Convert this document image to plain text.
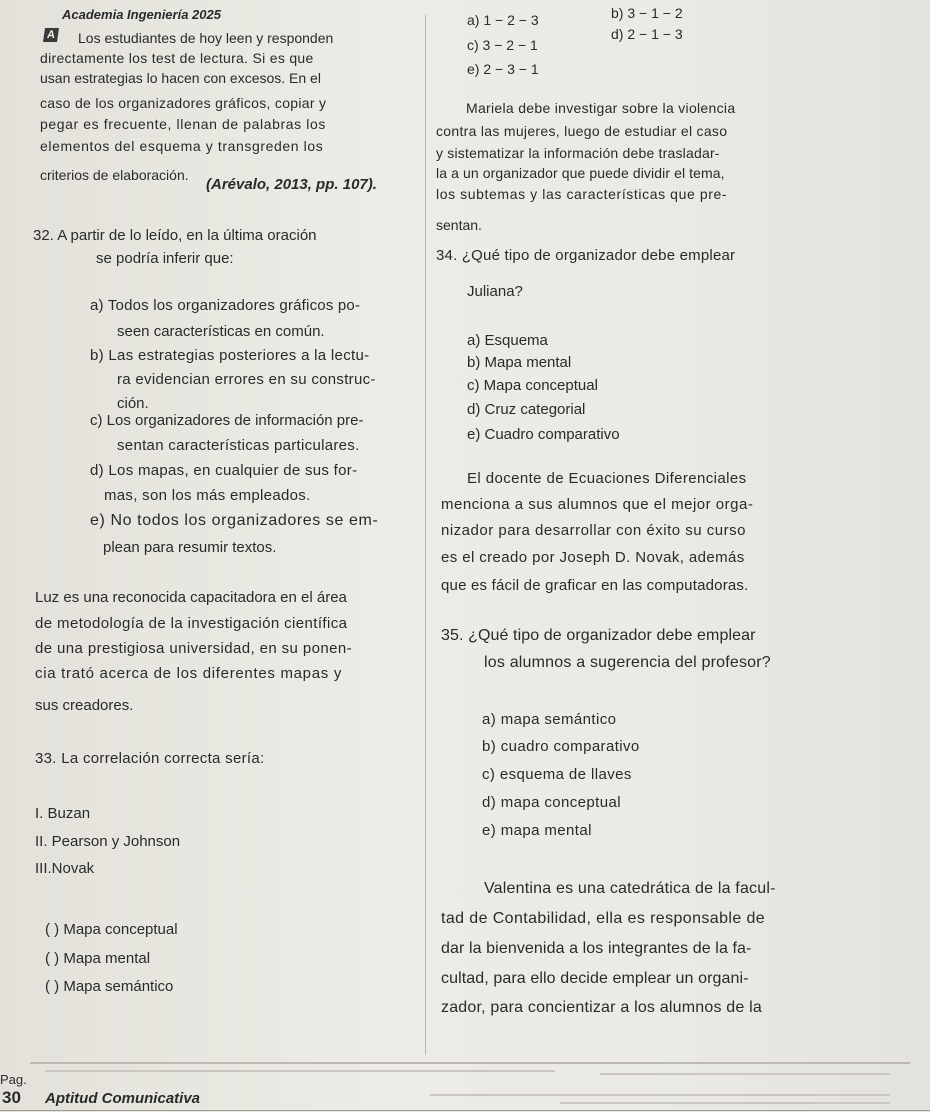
A
Academia Ingeniería 2025
Los estudiantes de hoy leen y responden
directamente los test de lectura. Si es que
usan estrategias lo hacen con excesos. En el
caso de los organizadores gráficos, copiar y
pegar es frecuente, llenan de palabras los
elementos del esquema y transgreden los
criterios de elaboración.
(Arévalo, 2013, pp. 107).
32. A partir de lo leído, en la última oración
se podría inferir que:
a) Todos los organizadores gráficos po-
seen características en común.
b) Las estrategias posteriores a la lectu-
ra evidencian errores en su construc-
ción.
c) Los organizadores de información pre-
sentan características particulares.
d) Los mapas, en cualquier de sus for-
mas, son los más empleados.
e) No todos los organizadores se em-
plean para resumir textos.
Luz es una reconocida capacitadora en el área
de metodología de la investigación científica
de una prestigiosa universidad, en su ponen-
cia trató acerca de los diferentes mapas y
sus creadores.
33. La correlación correcta sería:
I. Buzan
II. Pearson y Johnson
III.Novak
( ) Mapa conceptual
( ) Mapa mental
( ) Mapa semántico
a) 1 − 2 − 3	b) 3 − 1 − 2
c) 3 − 2 − 1
d) 2 − 1 − 3
e) 2 − 3 − 1
Mariela debe investigar sobre la violencia
contra las mujeres, luego de estudiar el caso
y sistematizar la información debe trasladar-
la a un organizador que puede dividir el tema,
los subtemas y las características que pre-
sentan.
34. ¿Qué tipo de organizador debe emplear
Juliana?
a) Esquema
b) Mapa mental
c) Mapa conceptual
d) Cruz categorial
e) Cuadro comparativo
El docente de Ecuaciones Diferenciales
menciona a sus alumnos que el mejor orga-
nizador para desarrollar con éxito su curso
es el creado por Joseph D. Novak, además
que es fácil de graficar en las computadoras.
35. ¿Qué tipo de organizador debe emplear
los alumnos a sugerencia del profesor?
a) mapa semántico
b) cuadro comparativo
c) esquema de llaves
d) mapa conceptual
e) mapa mental
Valentina es una catedrática de la facul-
tad de Contabilidad, ella es responsable de
dar la bienvenida a los integrantes de la fa-
cultad, para ello decide emplear un organi-
zador, para concientizar a los alumnos de la
Pag.
30 Aptitud Comunicativa
